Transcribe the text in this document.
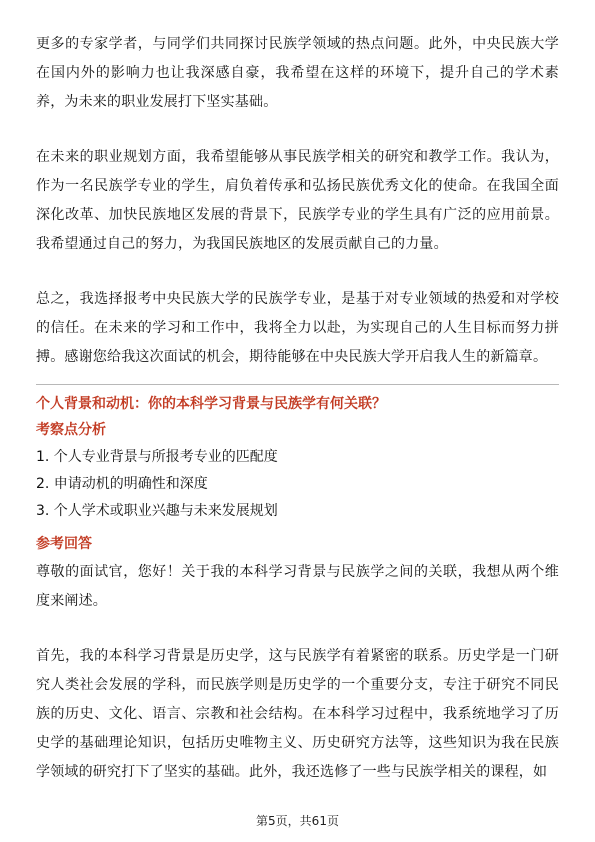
更多的专家学者，与同学们共同探讨民族学领域的热点问题。此外，中央民族大学在国内外的影响力也让我深感自豪，我希望在这样的环境下，提升自己的学术素养，为未来的职业发展打下坚实基础。

在未来的职业规划方面，我希望能够从事民族学相关的研究和教学工作。我认为，作为一名民族学专业的学生，肩负着传承和弘扬民族优秀文化的使命。在我国全面深化改革、加快民族地区发展的背景下，民族学专业的学生具有广泛的应用前景。我希望通过自己的努力，为我国民族地区的发展贡献自己的力量。

总之，我选择报考中央民族大学的民族学专业，是基于对专业领域的热爱和对学校的信任。在未来的学习和工作中，我将全力以赴，为实现自己的人生目标而努力拼搏。感谢您给我这次面试的机会，期待能够在中央民族大学开启我人生的新篇章。

个人背景和动机：你的本科学习背景与民族学有何关联？

考察点分析

1. 个人专业背景与所报考专业的匹配度
2. 申请动机的明确性和深度
3. 个人学术或职业兴趣与未来发展规划

参考回答

尊敬的面试官，您好！关于我的本科学习背景与民族学之间的关联，我想从两个维度来阐述。

首先，我的本科学习背景是历史学，这与民族学有着紧密的联系。历史学是一门研究人类社会发展的学科，而民族学则是历史学的一个重要分支，专注于研究不同民族的历史、文化、语言、宗教和社会结构。在本科学习过程中，我系统地学习了历史学的基础理论知识，包括历史唯物主义、历史研究方法等，这些知识为我在民族学领域的研究打下了坚实的基础。此外，我还选修了一些与民族学相关的课程，如

第5页，共61页
